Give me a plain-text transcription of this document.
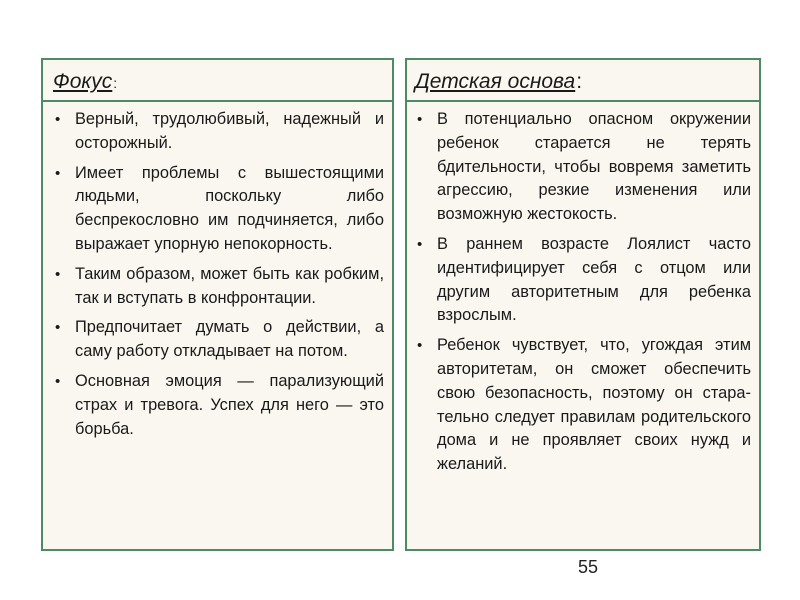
Фокус:
• Верный, трудолюбивый, надежный и осторожный.
• Имеет проблемы с вышестоящими людьми, поскольку либо беспрекословно им подчиняется, либо выражает упорную непокорность.
• Таким образом, может быть как робким, так и вступать в конфронтации.
• Предпочитает думать о действии, а саму работу откладывает на потом.
• Основная эмоция — парализующий страх и тревога. Успех для него — это борьба.
Детская основа:
• В потенциально опасном окружении ребенок старается не терять бдительности, чтобы вовремя заметить агрессию, резкие изменения или возможную жестокость.
• В раннем возрасте Лоялист часто идентифицирует себя с отцом или другим авторитетным для ребенка взрослым.
• Ребенок чувствует, что, угождая этим авторитетам, он сможет обеспечить свою безопасность, поэтому он старательно следует правилам родительского дома и не проявляет своих нужд и желаний.
55
